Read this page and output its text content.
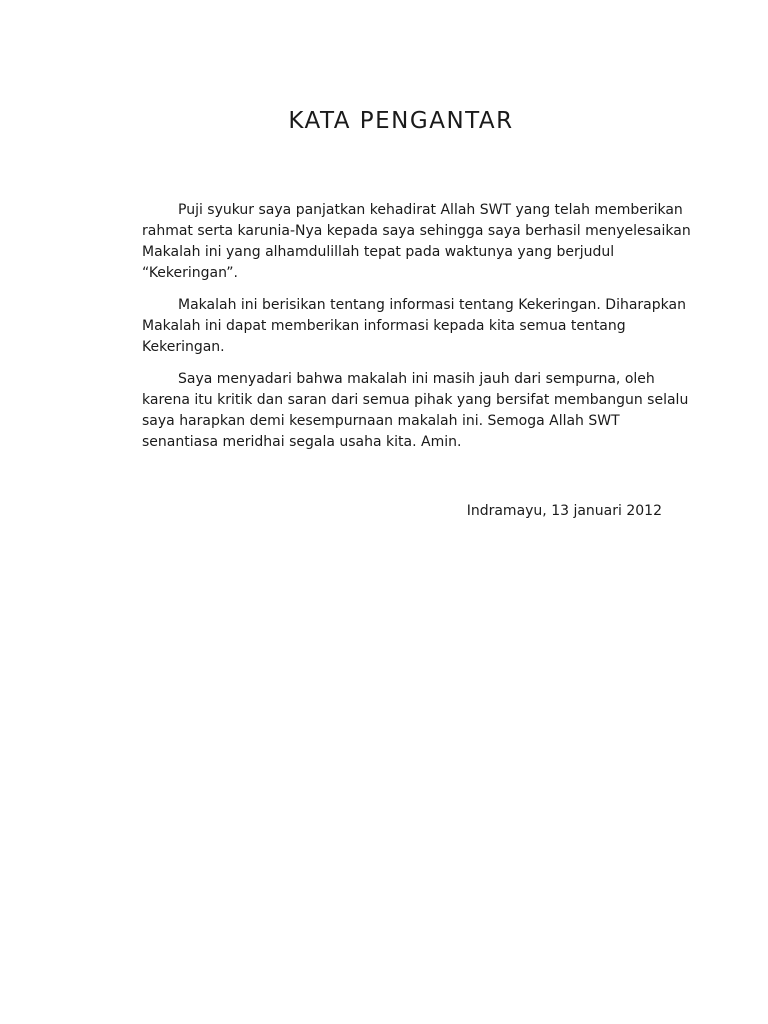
KATA PENGANTAR

Puji syukur saya panjatkan kehadirat Allah SWT yang telah memberikan
rahmat serta karunia-Nya kepada saya sehingga saya berhasil menyelesaikan
Makalah ini yang alhamdulillah tepat pada waktunya yang berjudul
“Kekeringan”.

Makalah ini berisikan tentang informasi tentang Kekeringan. Diharapkan
Makalah ini dapat memberikan informasi kepada kita semua tentang
Kekeringan.

Saya menyadari bahwa makalah ini masih jauh dari sempurna, oleh
karena itu kritik dan saran dari semua pihak yang bersifat membangun selalu
saya harapkan demi kesempurnaan makalah ini. Semoga Allah SWT
senantiasa meridhai segala usaha kita. Amin.

Indramayu, 13 januari 2012
